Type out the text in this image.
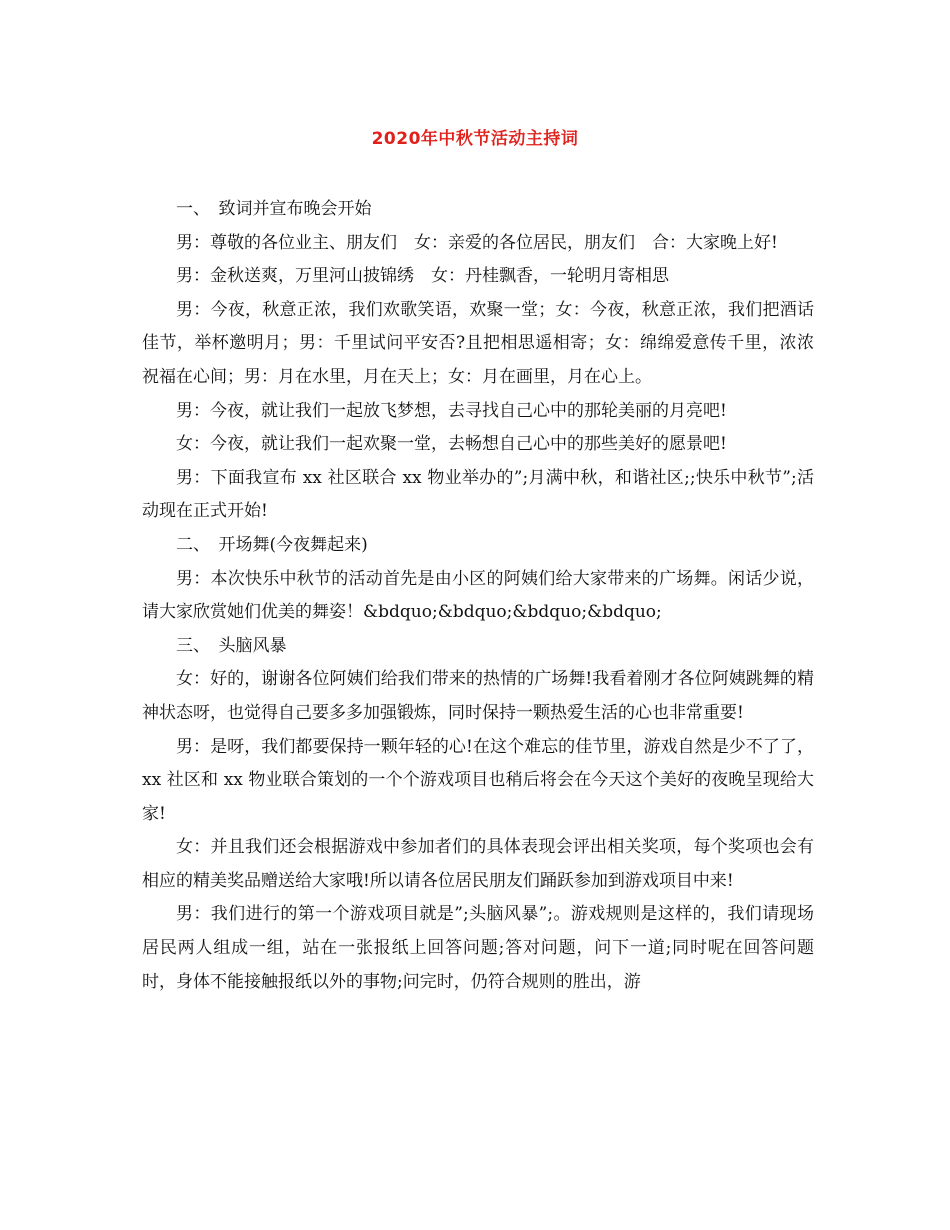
2020年中秋节活动主持词

一、　致词并宣布晚会开始

男：尊敬的各位业主、朋友们　女：亲爱的各位居民，朋友们　合：大家晚上好!

男：金秋送爽，万里河山披锦绣　女：丹桂飘香，一轮明月寄相思

男：今夜，秋意正浓，我们欢歌笑语，欢聚一堂；女：今夜，秋意正浓，我们把酒话佳节，举杯邀明月；男：千里试问平安否?且把相思遥相寄；女：绵绵爱意传千里，浓浓祝福在心间；男：月在水里，月在天上；女：月在画里，月在心上。

男：今夜，就让我们一起放飞梦想，去寻找自己心中的那轮美丽的月亮吧!

女：今夜，就让我们一起欢聚一堂，去畅想自己心中的那些美好的愿景吧!

男：下面我宣布 xx 社区联合 xx 物业举办的”;月满中秋，和谐社区;;快乐中秋节”;活动现在正式开始!

二、　开场舞(今夜舞起来)

男：本次快乐中秋节的活动首先是由小区的阿姨们给大家带来的广场舞。闲话少说，请大家欣赏她们优美的舞姿！&bdquo;&bdquo;&bdquo;&bdquo;

三、　头脑风暴

女：好的，谢谢各位阿姨们给我们带来的热情的广场舞!我看着刚才各位阿姨跳舞的精神状态呀，也觉得自己要多多加强锻炼，同时保持一颗热爱生活的心也非常重要!

男：是呀，我们都要保持一颗年轻的心!在这个难忘的佳节里，游戏自然是少不了了，xx 社区和 xx 物业联合策划的一个个游戏项目也稍后将会在今天这个美好的夜晚呈现给大家!

女：并且我们还会根据游戏中参加者们的具体表现会评出相关奖项，每个奖项也会有相应的精美奖品赠送给大家哦!所以请各位居民朋友们踊跃参加到游戏项目中来!

男：我们进行的第一个游戏项目就是”;头脑风暴”;。游戏规则是这样的，我们请现场居民两人组成一组，站在一张报纸上回答问题;答对问题，问下一道;同时呢在回答问题时，身体不能接触报纸以外的事物;问完时，仍符合规则的胜出，游
